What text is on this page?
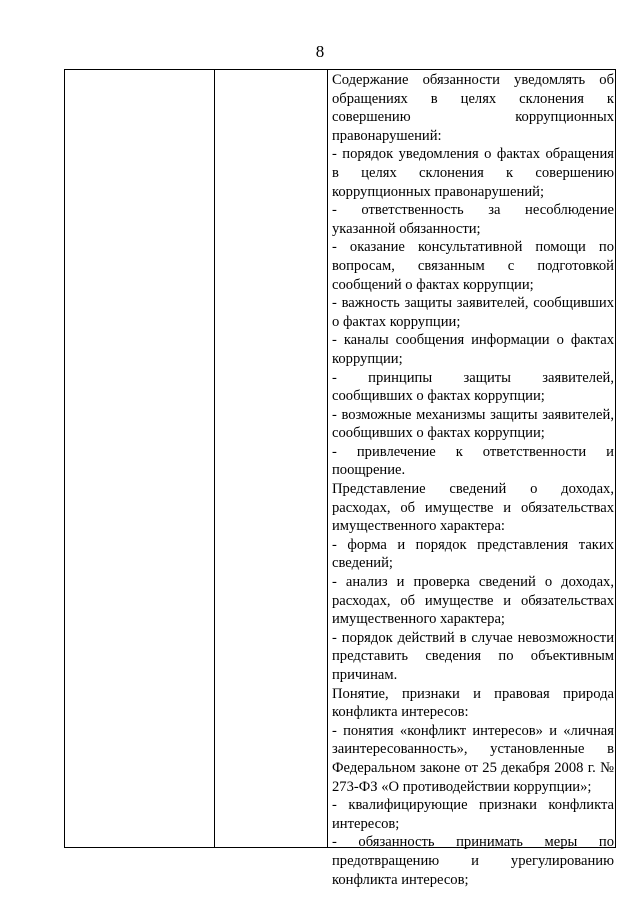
8

Содержание обязанности уведомлять об обращениях в целях склонения к совершению коррупционных правонарушений:

- порядок уведомления о фактах обращения в целях склонения к совершению коррупционных правонарушений;

- ответственность за несоблюдение указанной обязанности;

- оказание консультативной помощи по вопросам, связанным с подготовкой сообщений о фактах коррупции;

- важность защиты заявителей, сообщивших о фактах коррупции;

- каналы сообщения информации о фактах коррупции;

- принципы защиты заявителей, сообщивших о фактах коррупции;

- возможные механизмы защиты заявителей, сообщивших о фактах коррупции;

- привлечение к ответственности и поощрение.

Представление сведений о доходах, расходах, об имуществе и обязательствах имущественного характера:

- форма и порядок представления таких сведений;

- анализ и проверка сведений о доходах, расходах, об имуществе и обязательствах имущественного характера;

- порядок действий в случае невозможности представить сведения по объективным причинам.

Понятие, признаки и правовая природа конфликта интересов:

- понятия «конфликт интересов» и «личная заинтересованность», установленные в Федеральном законе от 25 декабря 2008 г. № 273-ФЗ «О противодействии коррупции»;

- квалифицирующие признаки конфликта интересов;

- обязанность принимать меры по предотвращению и урегулированию конфликта интересов;
